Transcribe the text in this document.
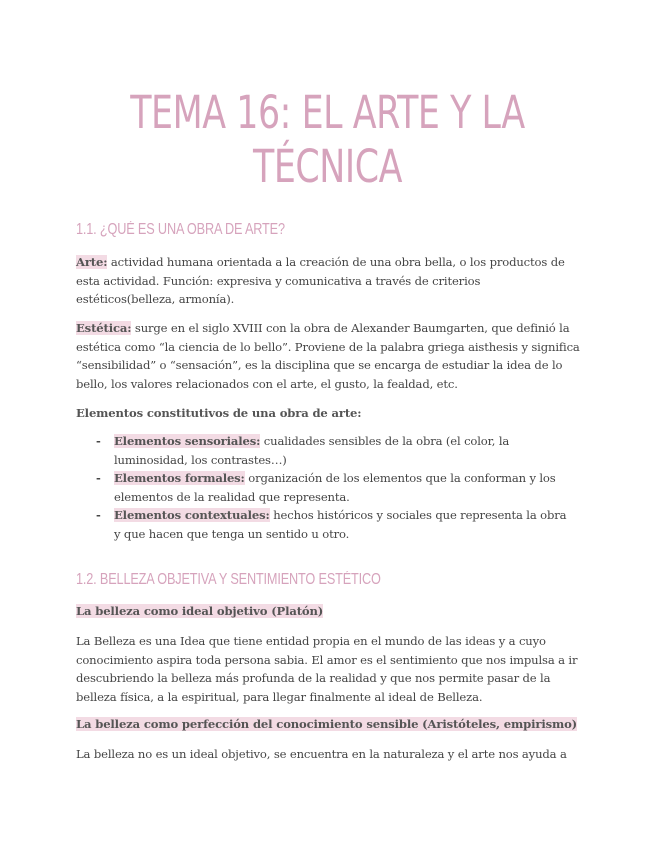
TEMA 16: EL ARTE Y LA
TÉCNICA
1.1. ¿QUÉ ES UNA OBRA DE ARTE?
Arte: actividad humana orientada a la creación de una obra bella, o los productos de esta actividad. Función: expresiva y comunicativa a través de criterios estéticos(belleza, armonía).
Estética: surge en el siglo XVIII con la obra de Alexander Baumgarten, que definió la estética como “la ciencia de lo bello”. Proviene de la palabra griega aisthesis y significa “sensibilidad” o “sensación”, es la disciplina que se encarga de estudiar la idea de lo bello, los valores relacionados con el arte, el gusto, la fealdad, etc.
Elementos constitutivos de una obra de arte:
- Elementos sensoriales: cualidades sensibles de la obra (el color, la luminosidad, los contrastes…)
- Elementos formales: organización de los elementos que la conforman y los elementos de la realidad que representa.
- Elementos contextuales: hechos históricos y sociales que representa la obra y que hacen que tenga un sentido u otro.
1.2. BELLEZA OBJETIVA Y SENTIMIENTO ESTÉTICO
La belleza como ideal objetivo (Platón)
La Belleza es una Idea que tiene entidad propia en el mundo de las ideas y a cuyo conocimiento aspira toda persona sabia. El amor es el sentimiento que nos impulsa a ir descubriendo la belleza más profunda de la realidad y que nos permite pasar de la belleza física, a la espiritual, para llegar finalmente al ideal de Belleza.
La belleza como perfección del conocimiento sensible (Aristóteles, empirismo)
La belleza no es un ideal objetivo, se encuentra en la naturaleza y el arte nos ayuda a
